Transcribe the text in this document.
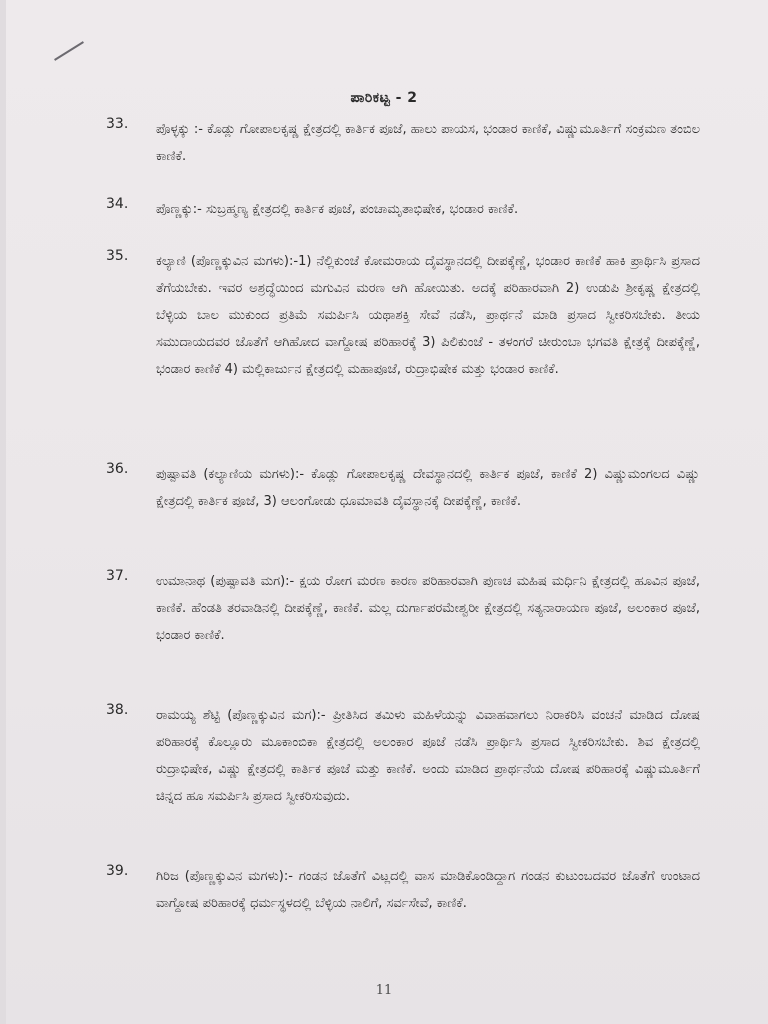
ಪಾರಿಕಟ್ಟ - 2
33.	ಪೊಳ್ಳಕ್ಕು :- ಕೊಡ್ಲು ಗೋಪಾಲಕೃಷ್ಣ ಕ್ಷೇತ್ರದಲ್ಲಿ ಕಾರ್ತಿಕ ಪೂಜೆ, ಹಾಲು ಪಾಯಸ, ಭಂಡಾರ ಕಾಣಿಕೆ, ವಿಷ್ಣುಮೂರ್ತಿಗೆ ಸಂಕ್ರಮಣ ತಂಬಿಲ ಕಾಣಿಕೆ.
34.	ಪೊಣ್ಣಕ್ಕು:- ಸುಬ್ರಹ್ಮಣ್ಯ ಕ್ಷೇತ್ರದಲ್ಲಿ ಕಾರ್ತಿಕ ಪೂಜೆ, ಪಂಚಾಮೃತಾಭಿಷೇಕ, ಭಂಡಾರ ಕಾಣಿಕೆ.
35.	ಕಲ್ಯಾಣಿ (ಪೊಣ್ಣಕ್ಕುವಿನ ಮಗಳು):-1) ನೆಲ್ಲಿಕುಂಜೆ ಕೋಮರಾಯ ದೈವಸ್ಥಾನದಲ್ಲಿ ದೀಪಕ್ಕೆಣ್ಣೆ, ಭಂಡಾರ ಕಾಣಿಕೆ ಹಾಕಿ ಪ್ರಾರ್ಥಿಸಿ ಪ್ರಸಾದ ತೆಗೆಯಬೇಕು. ಇವರ ಅಶ್ರದ್ಧೆಯಿಂದ ಮಗುವಿನ ಮರಣ ಆಗಿ ಹೋಯಿತು. ಅದಕ್ಕೆ ಪರಿಹಾರವಾಗಿ 2) ಉಡುಪಿ ಶ್ರೀಕೃಷ್ಣ ಕ್ಷೇತ್ರದಲ್ಲಿ ಬೆಳ್ಳಿಯ ಬಾಲ ಮುಕುಂದ ಪ್ರತಿಮೆ ಸಮರ್ಪಿಸಿ ಯಥಾಶಕ್ತಿ ಸೇವೆ ನಡೆಸಿ, ಪ್ರಾರ್ಥನೆ ಮಾಡಿ ಪ್ರಸಾದ ಸ್ವೀಕರಿಸಬೇಕು. ತೀಯ ಸಮುದಾಯದವರ ಜೊತೆಗೆ ಆಗಿಹೋದ ವಾಗ್ದೋಷ ಪರಿಹಾರಕ್ಕೆ 3) ಪಿಲಿಕುಂಜೆ - ತಳಂಗರೆ ಚೀರುಂಬಾ ಭಗವತಿ ಕ್ಷೇತ್ರಕ್ಕೆ ದೀಪಕ್ಕೆಣ್ಣೆ, ಭಂಡಾರ ಕಾಣಿಕೆ 4) ಮಲ್ಲಿಕಾರ್ಜುನ ಕ್ಷೇತ್ರದಲ್ಲಿ ಮಹಾಪೂಜೆ, ರುದ್ರಾಭಿಷೇಕ ಮತ್ತು ಭಂಡಾರ ಕಾಣಿಕೆ.
36.	ಪುಷ್ಪಾವತಿ (ಕಲ್ಯಾಣಿಯ ಮಗಳು):- ಕೊಡ್ಲು ಗೋಪಾಲಕೃಷ್ಣ ದೇವಸ್ಥಾನದಲ್ಲಿ ಕಾರ್ತಿಕ ಪೂಜೆ, ಕಾಣಿಕೆ 2) ವಿಷ್ಣುಮಂಗಲದ ವಿಷ್ಣು ಕ್ಷೇತ್ರದಲ್ಲಿ ಕಾರ್ತಿಕ ಪೂಜೆ, 3) ಆಲಂಗೋಡು ಧೂಮಾವತಿ ದೈವಸ್ಥಾನಕ್ಕೆ ದೀಪಕ್ಕೆಣ್ಣೆ, ಕಾಣಿಕೆ.
37.	ಉಮಾನಾಥ (ಪುಷ್ಪಾವತಿ ಮಗ):- ಕ್ಷಯ ರೋಗ ಮರಣ ಕಾರಣ ಪರಿಹಾರವಾಗಿ ಪುಣಚ ಮಹಿಷ ಮರ್ಧಿನಿ ಕ್ಷೇತ್ರದಲ್ಲಿ ಹೂವಿನ ಪೂಜೆ, ಕಾಣಿಕೆ. ಹೆಂಡತಿ ತರವಾಡಿನಲ್ಲಿ ದೀಪಕ್ಕೆಣ್ಣೆ, ಕಾಣಿಕೆ. ಮಲ್ಲ ದುರ್ಗಾಪರಮೇಶ್ವರೀ ಕ್ಷೇತ್ರದಲ್ಲಿ ಸತ್ಯನಾರಾಯಣ ಪೂಜೆ, ಅಲಂಕಾರ ಪೂಜೆ, ಭಂಡಾರ ಕಾಣಿಕೆ.
38.	ರಾಮಯ್ಯ ಶೆಟ್ಟಿ (ಪೊಣ್ಣಕ್ಕುವಿನ ಮಗ):- ಪ್ರೀತಿಸಿದ ತಮಿಳು ಮಹಿಳೆಯನ್ನು ವಿವಾಹವಾಗಲು ನಿರಾಕರಿಸಿ ವಂಚನೆ ಮಾಡಿದ ದೋಷ ಪರಿಹಾರಕ್ಕೆ ಕೊಲ್ಲೂರು ಮೂಕಾಂಬಿಕಾ ಕ್ಷೇತ್ರದಲ್ಲಿ ಅಲಂಕಾರ ಪೂಜೆ ನಡೆಸಿ ಪ್ರಾರ್ಥಿಸಿ ಪ್ರಸಾದ ಸ್ವೀಕರಿಸಬೇಕು. ಶಿವ ಕ್ಷೇತ್ರದಲ್ಲಿ ರುದ್ರಾಭಿಷೇಕ, ವಿಷ್ಣು ಕ್ಷೇತ್ರದಲ್ಲಿ ಕಾರ್ತಿಕ ಪೂಜೆ ಮತ್ತು ಕಾಣಿಕೆ. ಅಂದು ಮಾಡಿದ ಪ್ರಾರ್ಥನೆಯ ದೋಷ ಪರಿಹಾರಕ್ಕೆ ವಿಷ್ಣುಮೂರ್ತಿಗೆ ಚಿನ್ನದ ಹೂ ಸಮರ್ಪಿಸಿ ಪ್ರಸಾದ ಸ್ವೀಕರಿಸುವುದು.
39.	ಗಿರಿಜ (ಪೊಣ್ಣಕ್ಕುವಿನ ಮಗಳು):- ಗಂಡನ ಜೊತೆಗೆ ವಿಟ್ಲದಲ್ಲಿ ವಾಸ ಮಾಡಿಕೊಂಡಿದ್ದಾಗ ಗಂಡನ ಕುಟುಂಬದವರ ಜೊತೆಗೆ ಉಂಟಾದ ವಾಗ್ದೋಷ ಪರಿಹಾರಕ್ಕೆ ಧರ್ಮಸ್ಥಳದಲ್ಲಿ ಬೆಳ್ಳಿಯ ನಾಲಿಗೆ, ಸರ್ವಸೇವೆ, ಕಾಣಿಕೆ.
11
